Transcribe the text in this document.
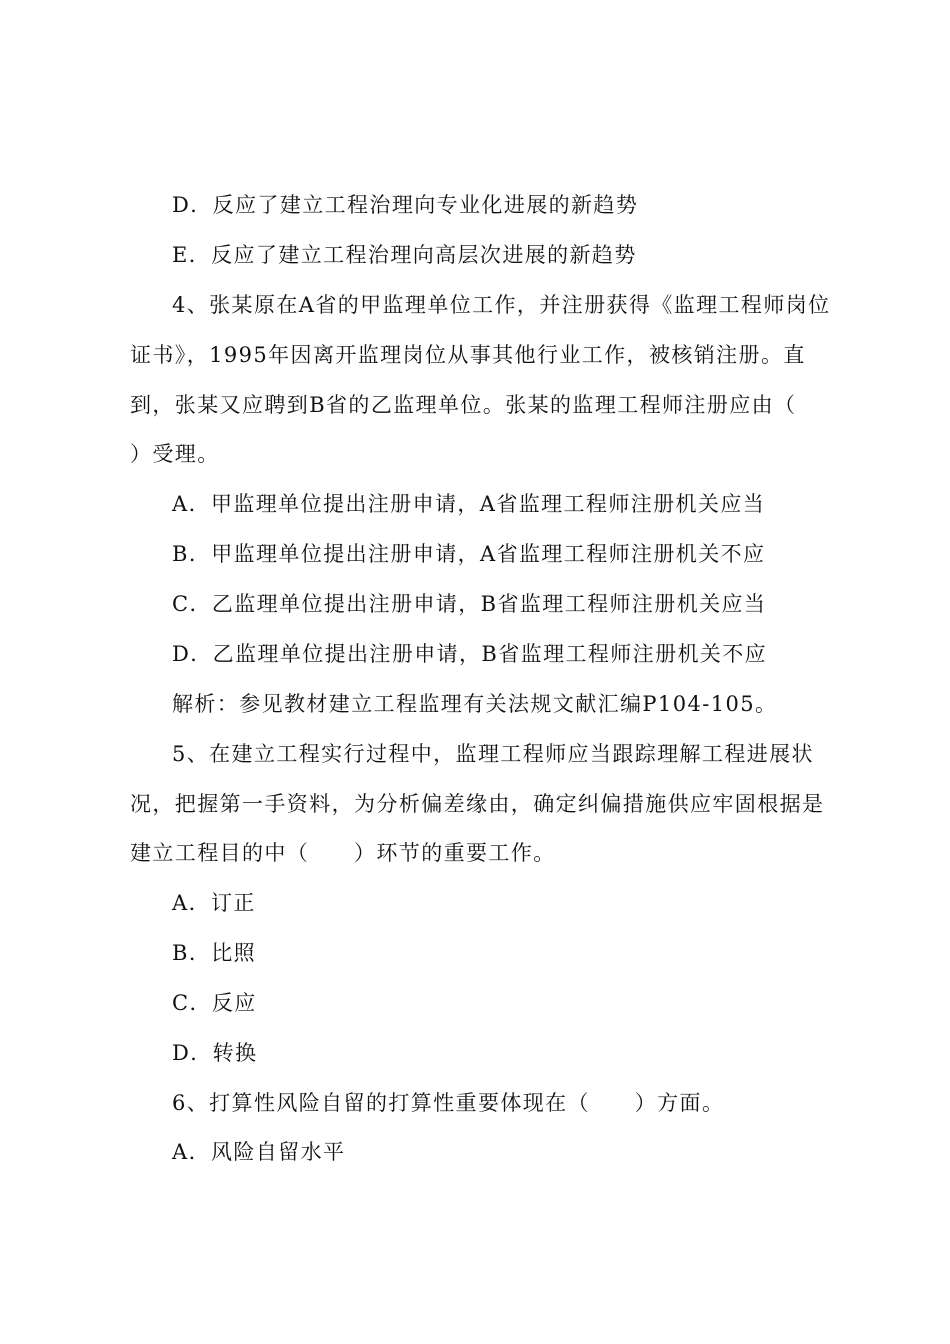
D．反应了建立工程治理向专业化进展的新趋势
E．反应了建立工程治理向高层次进展的新趋势
4、张某原在A省的甲监理单位工作，并注册获得《监理工程师岗位
证书》，1995年因离开监理岗位从事其他行业工作，被核销注册。直
到，张某又应聘到B省的乙监理单位。张某的监理工程师注册应由（
）受理。
A．甲监理单位提出注册申请，A省监理工程师注册机关应当
B．甲监理单位提出注册申请，A省监理工程师注册机关不应
C．乙监理单位提出注册申请，B省监理工程师注册机关应当
D．乙监理单位提出注册申请，B省监理工程师注册机关不应
解析：参见教材建立工程监理有关法规文献汇编P104-105。
5、在建立工程实行过程中，监理工程师应当跟踪理解工程进展状
况，把握第一手资料，为分析偏差缘由，确定纠偏措施供应牢固根据是
建立工程目的中（　　）环节的重要工作。
A．订正
B．比照
C．反应
D．转换
6、打算性风险自留的打算性重要体现在（　　）方面。
A．风险自留水平
